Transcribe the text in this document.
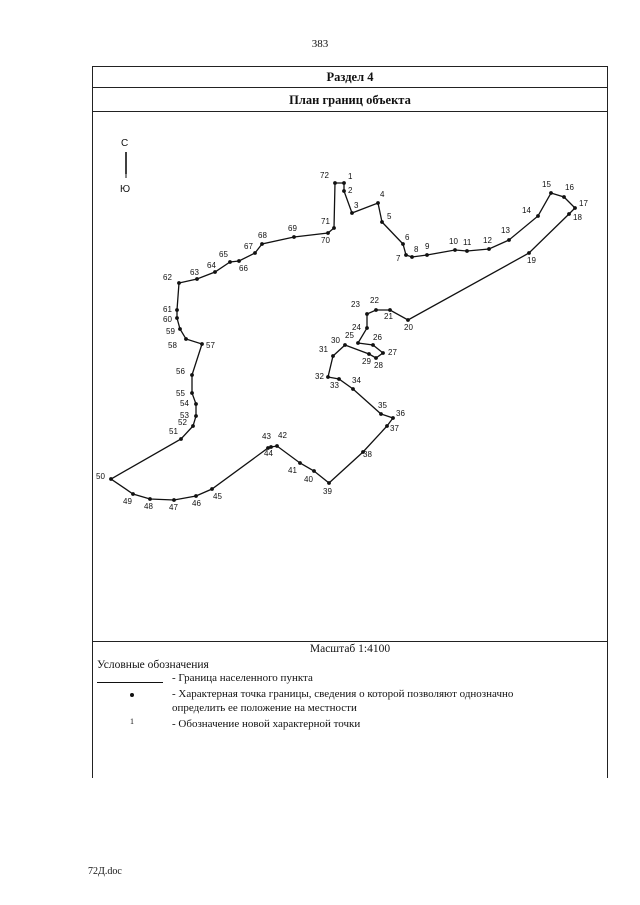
383
Раздел 4
План границ объекта
С
Ю
1
2
3
4
5
6
7
8 9
10 11 12
13
14
15 16
17
18
19
20
21
22
23
24
25 26
27
28
29
30
31
32
33
34
35
36
37
38
39
40
41
42
43
44
45
46
47
48
49
50
51
52
53
54
55
56
57
58
59
60
61
62
63
64
65
66
67
68
69
70
71
72
Масштаб 1:4100
Условные обозначения
- Граница населенного пункта
- Характерная точка границы, сведения о которой позволяют однозначно определить ее положение на местности
1	- Обозначение новой характерной точки
72Д.doc
